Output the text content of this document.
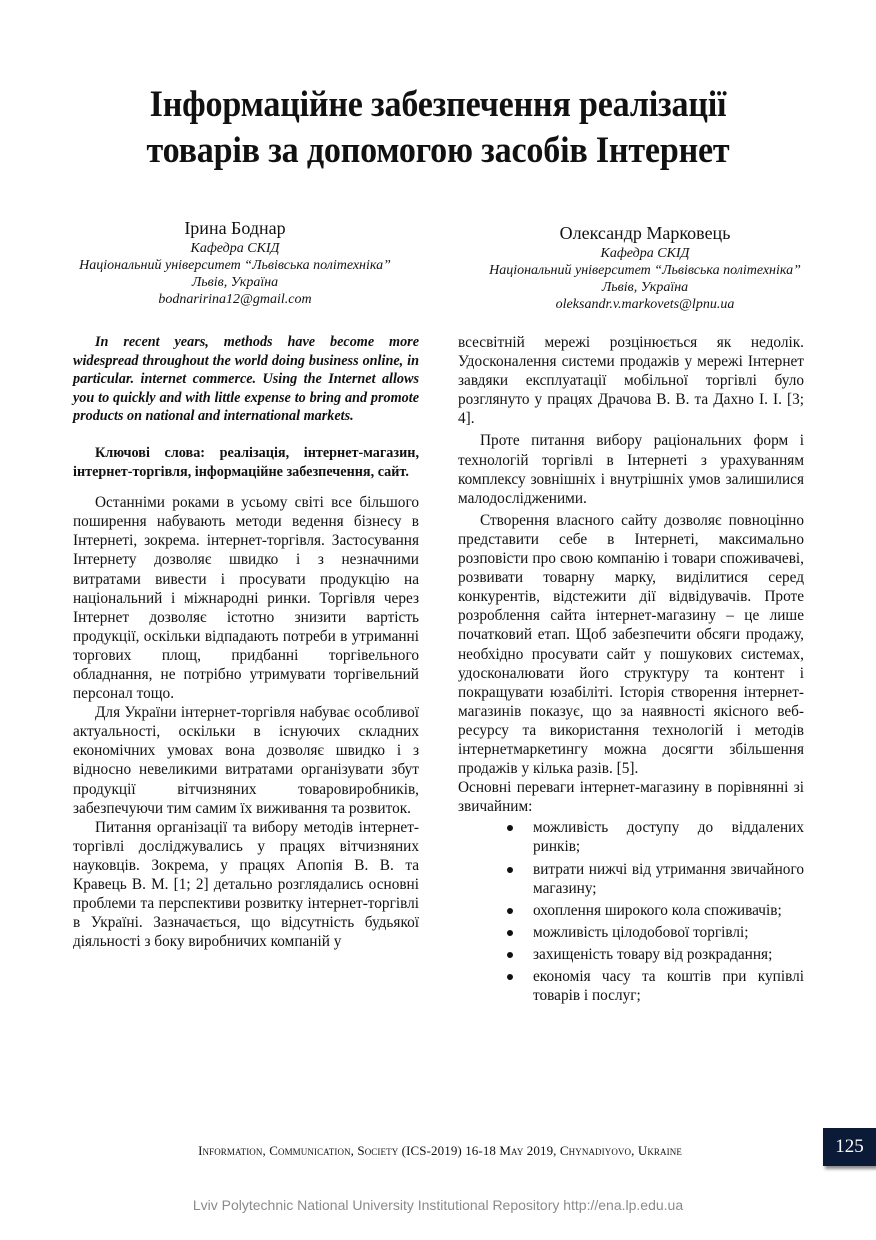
Інформаційне забезпечення реалізації
товарів за допомогою засобів Інтернет
Ірина Боднар
Кафедра СКІД
Національний університет “Львівська політехніка”
Львів, Україна
bodnaririna12@gmail.com
Олександр Марковець
Кафедра СКІД
Національний університет “Львівська політехніка”
Львів, Україна
oleksandr.v.markovets@lpnu.ua

In recent years, methods have become more widespread throughout the world doing business online, in particular. internet commerce. Using the Internet allows you to quickly and with little expense to bring and promote products on national and international markets.

Ключові слова: реалізація, інтернет-магазин, інтернет-торгівля, інформаційне забезпечення, сайт.

Останніми роками в усьому світі все більшого поширення набувають методи ведення бізнесу в Інтернеті, зокрема. інтернет-торгівля. Застосування Інтернету дозволяє швидко і з незначними витратами вивести і просувати продукцію на національний і міжнародні ринки. Торгівля через Інтернет дозволяє істотно знизити вартість продукції, оскільки відпадають потреби в утриманні торгових площ, придбанні торгівельного обладнання, не потрібно утримувати торгівельний персонал тощо.

Для України інтернет-торгівля набуває особливої актуальності, оскільки в існуючих складних економічних умовах вона дозволяє швидко і з відносно невеликими витратами організувати збут продукції вітчизняних товаровиробників, забезпечуючи тим самим їх виживання та розвиток.

Питання організації та вибору методів інтернет-торгівлі досліджувались у працях вітчизняних науковців. Зокрема, у працях Апопія В. В. та Кравець В. М. [1; 2] детально розглядались основні проблеми та перспективи розвитку інтернет-торгівлі в Україні. Зазначається, що відсутність будьякої діяльності з боку виробничих компаній у

всесвітній мережі розцінюється як недолік. Удосконалення системи продажів у мережі Інтернет завдяки експлуатації мобільної торгівлі було розглянуто у працях Драчова В. В. та Дахно І. І. [3; 4].

Проте питання вибору раціональних форм і технологій торгівлі в Інтернеті з урахуванням комплексу зовнішніх і внутрішніх умов залишилися малодослідженими.

Створення власного сайту дозволяє повноцінно представити себе в Інтернеті, максимально розповісти про свою компанію і товари споживачеві, розвивати товарну марку, виділитися серед конкурентів, відстежити дії відвідувачів. Проте розроблення сайта інтернет-магазину – це лише початковий етап. Щоб забезпечити обсяги продажу, необхідно просувати сайт у пошукових системах, удосконалювати його структуру та контент і покращувати юзабіліті. Історія створення інтернет-магазинів показує, що за наявності якісного веб-ресурсу та використання технологій і методів інтернетмаркетингу можна досягти збільшення продажів у кілька разів. [5].

Основні переваги інтернет-магазину в порівнянні зі звичайним:

можливість доступу до віддалених ринків;
витрати нижчі від утримання звичайного магазину;
охоплення широкого кола споживачів;
можливість цілодобової торгівлі;
захищеність товару від розкрадання;
економія часу та коштів при купівлі товарів і послуг;
Information, Communication, Society (ICS-2019) 16-18 May 2019, Chynadiyovo, Ukraine	125
Lviv Polytechnic National University Institutional Repository http://ena.lp.edu.ua
